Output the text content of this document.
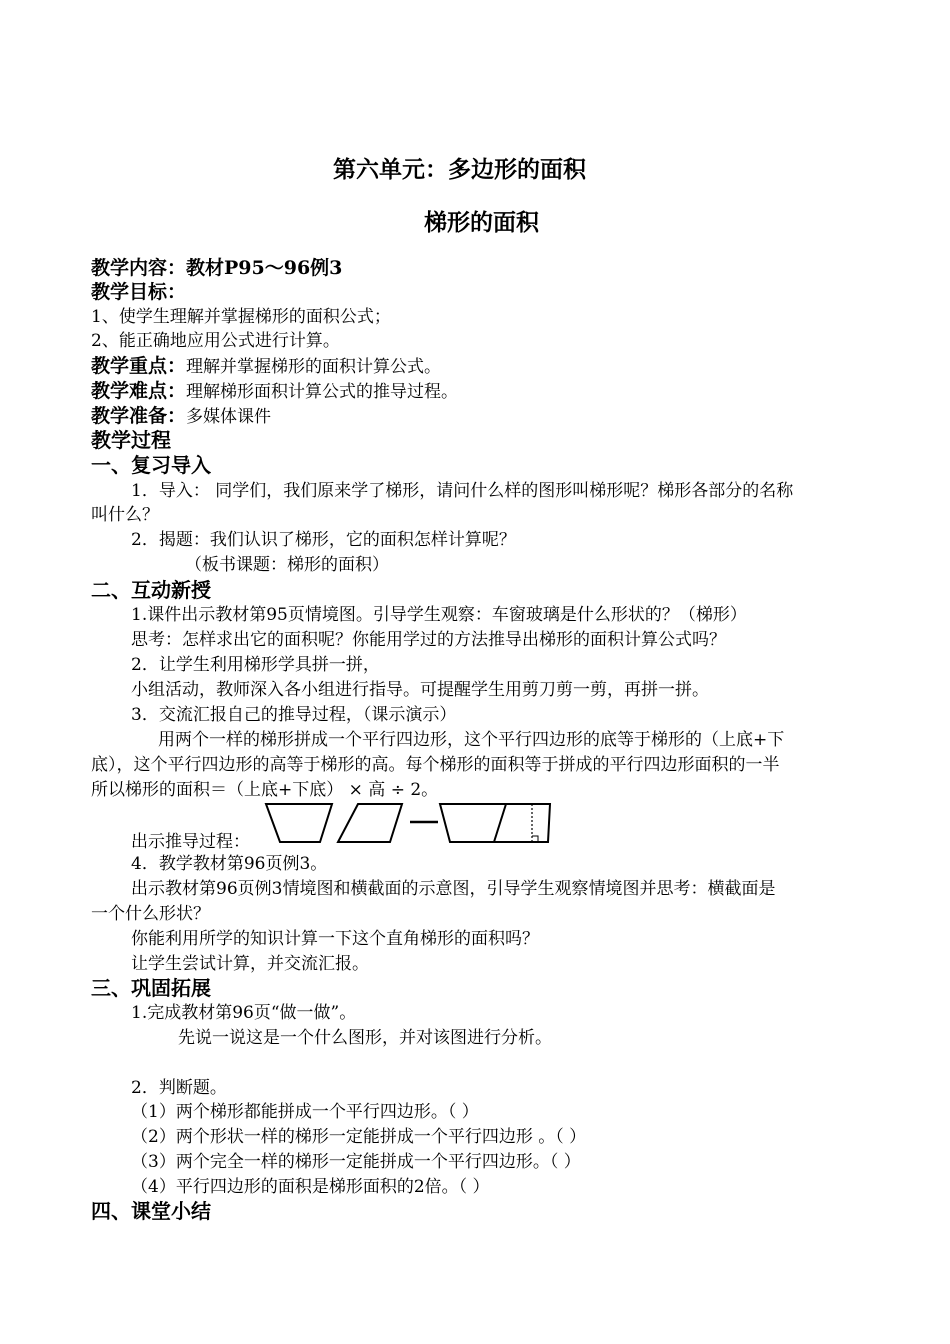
第六单元：多边形的面积
梯形的面积
教学内容：教材P95～96例3
教学目标：
1、使学生理解并掌握梯形的面积公式；
2、能正确地应用公式进行计算。
教学重点：理解并掌握梯形的面积计算公式。
教学难点：理解梯形面积计算公式的推导过程。
教学准备：多媒体课件
教学过程
一、复习导入
1．导入： 同学们，我们原来学了梯形，请问什么样的图形叫梯形呢？梯形各部分的名称
叫什么？
2．揭题：我们认识了梯形，它的面积怎样计算呢？
（板书课题：梯形的面积）
二、互动新授
1.课件出示教材第95页情境图。引导学生观察：车窗玻璃是什么形状的？（梯形）
思考：怎样求出它的面积呢？你能用学过的方法推导出梯形的面积计算公式吗？
2．让学生利用梯形学具拼一拼，
小组活动，教师深入各小组进行指导。可提醒学生用剪刀剪一剪，再拼一拼。
3．交流汇报自己的推导过程，（课示演示）
用两个一样的梯形拼成一个平行四边形，这个平行四边形的底等于梯形的（上底+下
底），这个平行四边形的高等于梯形的高。每个梯形的面积等于拼成的平行四边形面积的一半
所以梯形的面积＝（上底+下底） × 高 ÷ 2。
出示推导过程：
4．教学教材第96页例3。
出示教材第96页例3情境图和横截面的示意图，引导学生观察情境图并思考：横截面是
一个什么形状？
你能利用所学的知识计算一下这个直角梯形的面积吗？
让学生尝试计算，并交流汇报。
三、巩固拓展
1.完成教材第96页“做一做”。
先说一说这是一个什么图形，并对该图进行分析。
2．判断题。
（1）两个梯形都能拼成一个平行四边形。（ ）
（2）两个形状一样的梯形一定能拼成一个平行四边形 。（ ）
（3）两个完全一样的梯形一定能拼成一个平行四边形。（ ）
（4）平行四边形的面积是梯形面积的2倍。（ ）
四、课堂小结
